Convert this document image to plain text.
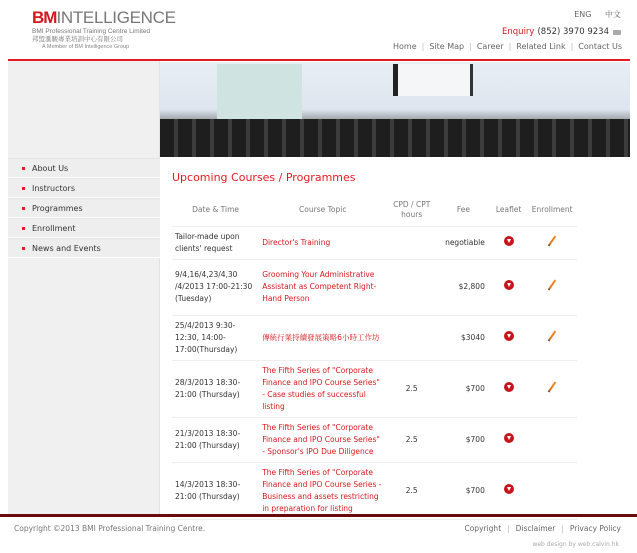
BMINTELLIGENCE
BMI Professional Training Centre Limited
邦盟滙駿專業培訓中心有限公司
A Member of BM Intelligence Group
ENG 中文
Enquiry (852) 3970 9234
Home | Site Map | Career | Related Link | Contact Us
About Us
Instructors
Programmes
Enrollment
News and Events
Upcoming Courses / Programmes
Date & Time	Course Topic	CPD / CPT hours	Fee	Leaflet	Enrollment
Tailor-made upon clients' request	Director's Training		negotiable		
9/4,16/4,23/4,30 /4/2013 17:00-21:30 (Tuesday)	Grooming Your Administrative Assistant as Competent Right-Hand Person		$2,800		
25/4/2013 9:30-12:30, 14:00-17:00(Thursday)	傳統行業持續發展策略6小時工作坊		$3040		
28/3/2013 18:30-21:00 (Thursday)	The Fifth Series of "Corporate Finance and IPO Course Series" - Case studies of successful listing	2.5	$700		
21/3/2013 18:30-21:00 (Thursday)	The Fifth Series of "Corporate Finance and IPO Course Series" - Sponsor's IPO Due Diligence	2.5	$700		
14/3/2013 18:30-21:00 (Thursday)	The Fifth Series of "Corporate Finance and IPO Course Series - Business and assets restricting in preparation for listing	2.5	$700		
Copyright ©2013 BMI Professional Training Centre.	Copyright | Disclaimer | Privacy Policy
web design by web.calvin.hk
